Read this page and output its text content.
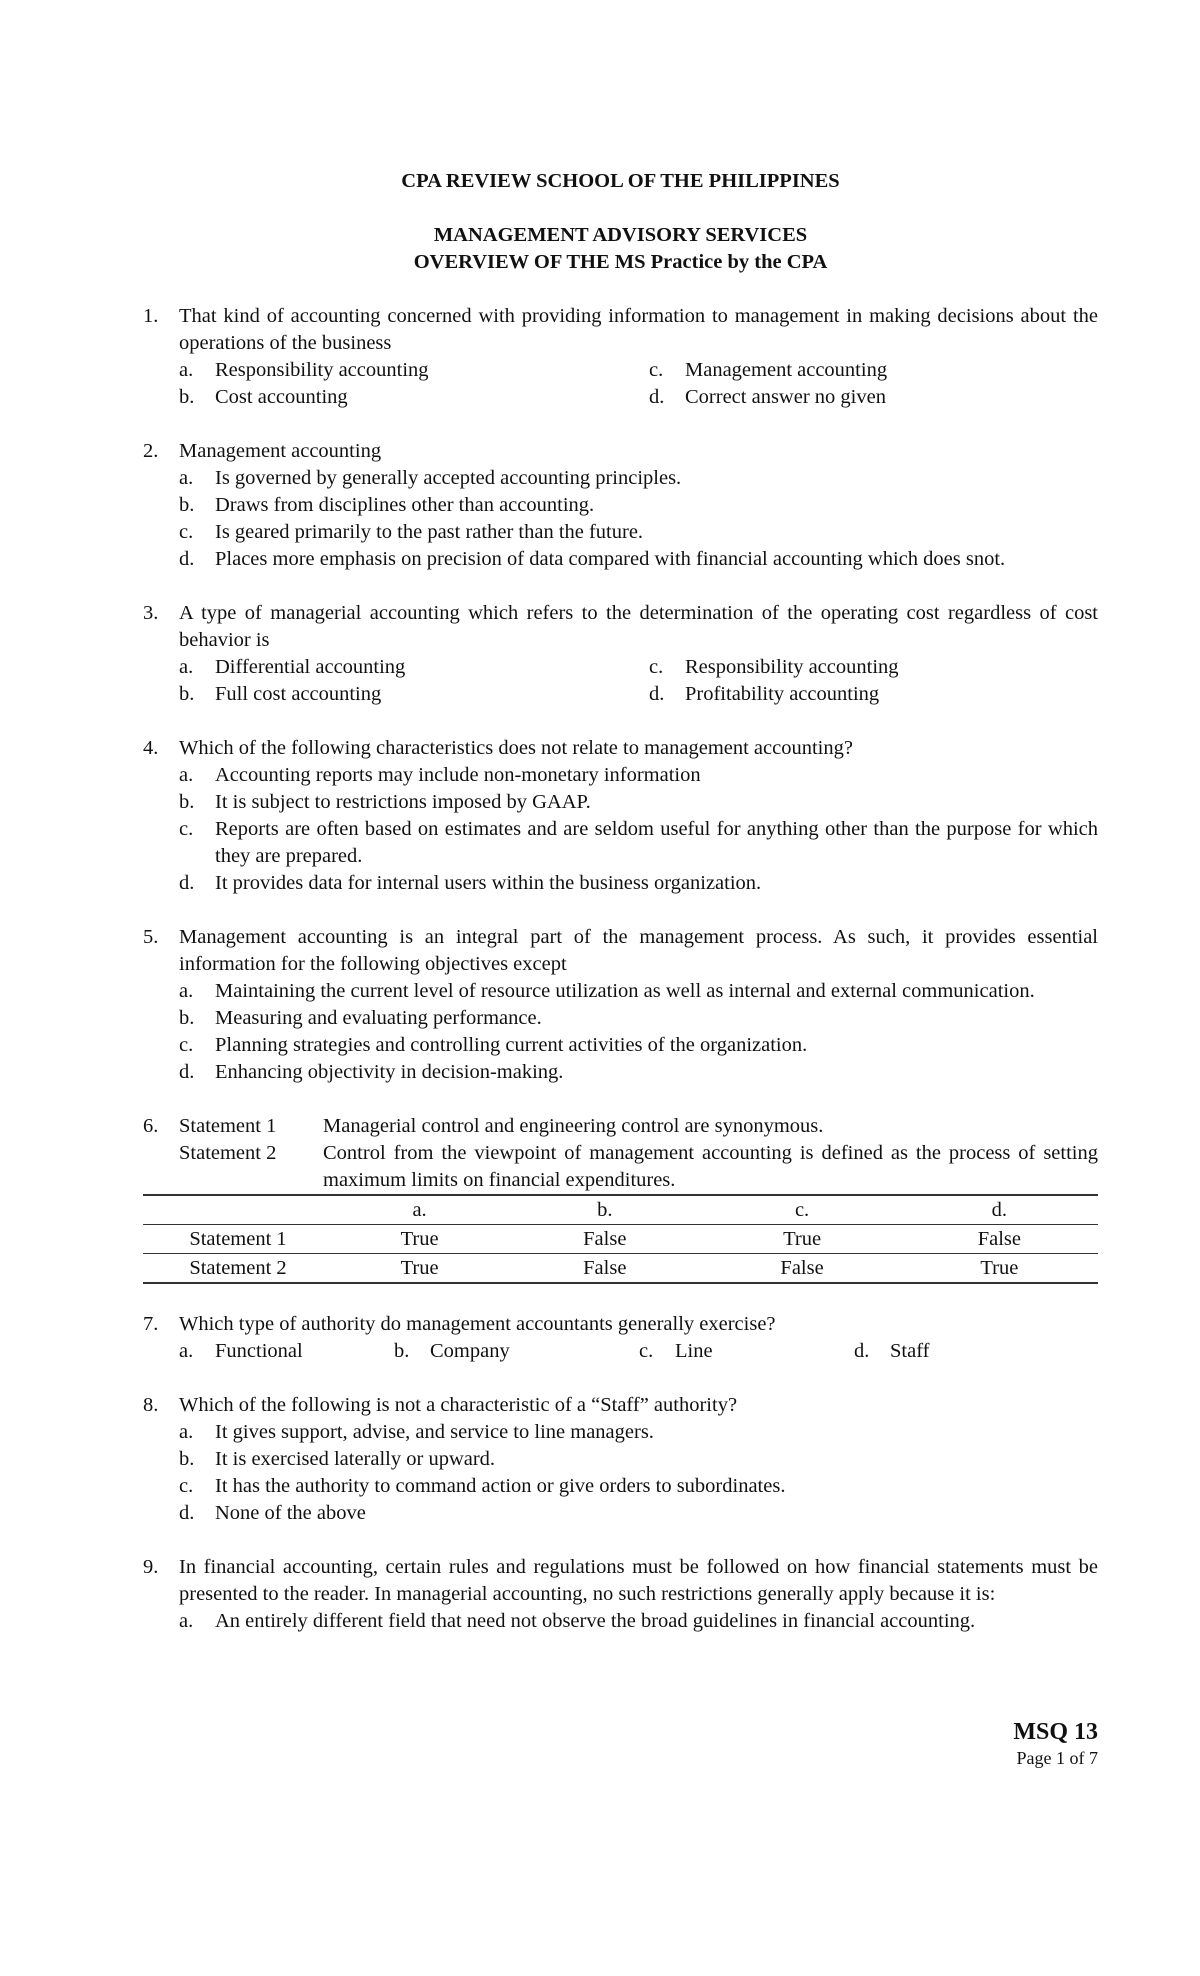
CPA REVIEW SCHOOL OF THE PHILIPPINES
MANAGEMENT ADVISORY SERVICES
OVERVIEW OF THE MS Practice by the CPA
1.	That kind of accounting concerned with providing information to management in making decisions about the operations of the business
a.	Responsibility accounting	c.	Management accounting
b.	Cost accounting	d.	Correct answer no given
2.	Management accounting
a.	Is governed by generally accepted accounting principles.
b.	Draws from disciplines other than accounting.
c.	Is geared primarily to the past rather than the future.
d.	Places more emphasis on precision of data compared with financial accounting which does snot.
3.	A type of managerial accounting which refers to the determination of the operating cost regardless of cost behavior is
a.	Differential accounting	c.	Responsibility accounting
b.	Full cost accounting	d.	Profitability accounting
4.	Which of the following characteristics does not relate to management accounting?
a.	Accounting reports may include non-monetary information
b.	It is subject to restrictions imposed by GAAP.
c.	Reports are often based on estimates and are seldom useful for anything other than the purpose for which they are prepared.
d.	It provides data for internal users within the business organization.
5.	Management accounting is an integral part of the management process. As such, it provides essential information for the following objectives except
a.	Maintaining the current level of resource utilization as well as internal and external communication.
b.	Measuring and evaluating performance.
c.	Planning strategies and controlling current activities of the organization.
d.	Enhancing objectivity in decision-making.
6.	Statement 1	Managerial control and engineering control are synonymous.
Statement 2	Control from the viewpoint of management accounting is defined as the process of setting maximum limits on financial expenditures.
	a.	b.	c.	d.
Statement 1	True	False	True	False
Statement 2	True	False	False	True
7.	Which type of authority do management accountants generally exercise?
a.	Functional	b.	Company	c.	Line	d.	Staff
8.	Which of the following is not a characteristic of a “Staff” authority?
a.	It gives support, advise, and service to line managers.
b.	It is exercised laterally or upward.
c.	It has the authority to command action or give orders to subordinates.
d.	None of the above
9.	In financial accounting, certain rules and regulations must be followed on how financial statements must be presented to the reader. In managerial accounting, no such restrictions generally apply because it is:
a.	An entirely different field that need not observe the broad guidelines in financial accounting.
MSQ 13
Page 1 of 7
